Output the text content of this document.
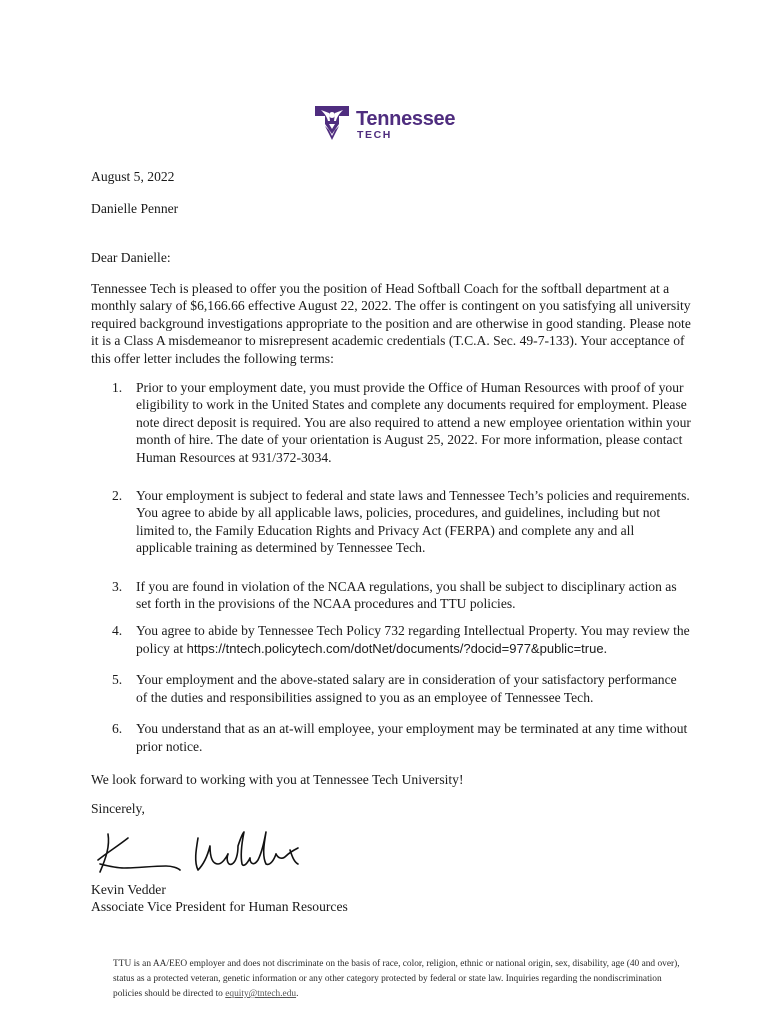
Tennessee
TECH
August 5, 2022
Danielle Penner
Dear Danielle:
Tennessee Tech is pleased to offer you the position of Head Softball Coach for the softball department at a monthly salary of $6,166.66 effective August 22, 2022. The offer is contingent on you satisfying all university required background investigations appropriate to the position and are otherwise in good standing. Please note it is a Class A misdemeanor to misrepresent academic credentials (T.C.A. Sec. 49-7-133). Your acceptance of this offer letter includes the following terms:
1. Prior to your employment date, you must provide the Office of Human Resources with proof of your eligibility to work in the United States and complete any documents required for employment. Please note direct deposit is required. You are also required to attend a new employee orientation within your month of hire. The date of your orientation is August 25, 2022. For more information, please contact Human Resources at 931/372-3034.
2. Your employment is subject to federal and state laws and Tennessee Tech’s policies and requirements. You agree to abide by all applicable laws, policies, procedures, and guidelines, including but not limited to, the Family Education Rights and Privacy Act (FERPA) and complete any and all applicable training as determined by Tennessee Tech.
3. If you are found in violation of the NCAA regulations, you shall be subject to disciplinary action as set forth in the provisions of the NCAA procedures and TTU policies.
4. You agree to abide by Tennessee Tech Policy 732 regarding Intellectual Property. You may review the policy at https://tntech.policytech.com/dotNet/documents/?docid=977&public=true.
5. Your employment and the above-stated salary are in consideration of your satisfactory performance of the duties and responsibilities assigned to you as an employee of Tennessee Tech.
6. You understand that as an at-will employee, your employment may be terminated at any time without prior notice.
We look forward to working with you at Tennessee Tech University!
Sincerely,
Kevin Vedder
Associate Vice President for Human Resources
TTU is an AA/EEO employer and does not discriminate on the basis of race, color, religion, ethnic or national origin, sex, disability, age (40 and over), status as a protected veteran, genetic information or any other category protected by federal or state law. Inquiries regarding the nondiscrimination policies should be directed to equity@tntech.edu.
